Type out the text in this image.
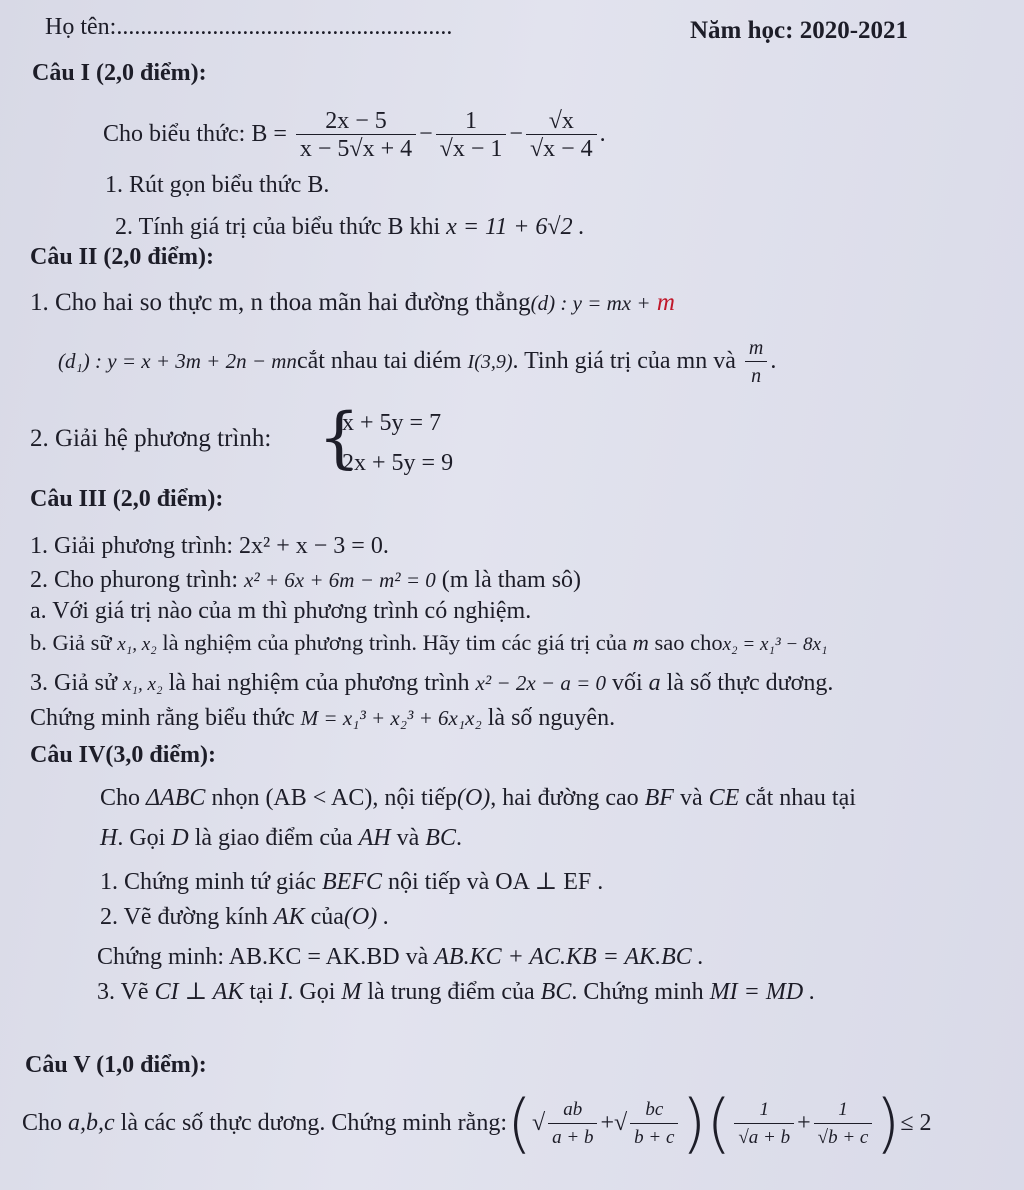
Họ tên:........................................................	Năm học: 2020-2021
Câu I (2,0 điểm):
Cho biểu thức: $B = \frac{2x - 5}{x - 5√x + 4} - \frac{1}{√x - 1} - \frac{√x}{√x - 4}$ .
1. Rút gọn biểu thức B.
2. Tính giá trị của biểu thức B khi x = 11 + 6√2 .
Câu II (2,0 điểm):
1. Cho hai so thực m, n thoa mãn hai đường thẳng(d) : y = mx + m
(d₁) : y = x + 3m + 2n − mncắt nhau tai diém I(3,9). Tinh giá trị của mn và $\frac{m}{n}$ .
2. Giải hệ phương trình: {
x + 5y = 7
2x + 5y = 9
Câu III (2,0 điểm):
1. Giải phương trình: 2x² + x − 3 = 0.
2. Cho phurong trình: x² + 6x + 6m − m² = 0 (m là tham sô)
a. Với giá trị nào của m thì phương trình có nghiệm.
b. Giả sữ x₁, x₂ là nghiệm của phương trình. Hãy tim các giá trị của m sao chox₂ = x₁³ − 8x₁
3. Giả sử x₁, x₂ là hai nghiệm của phương trình x² − 2x − a = 0 vối a là số thực dương.
Chứng minh rằng biểu thức M = x₁³ + x₂³ + 6x₁x₂ là số nguyên.
Câu IV(3,0 điểm):
Cho ΔABC nhọn (AB < AC), nội tiếp(O), hai đường cao BF và CE cắt nhau tại
H. Gọi D là giao điểm của AH và BC.
1. Chứng minh tứ giác BEFC nội tiếp và OA ⊥ EF .
2. Vẽ đường kính AK của(O) .
Chứng minh: AB.KC = AK.BD và AB.KC + AC.KB = AK.BC .
3. Vẽ CI ⊥ AK tại I. Gọi M là trung điểm của BC. Chứng minh MI = MD .
Câu V (1,0 điểm):
Cho a,b,c là các số thực dương. Chứng minh rằng:(√ $\frac{ab}{a + b}$ +√ $\frac{bc}{b + c}$ )( $\frac{1}{√a + b} + \frac{1}{√b + c}$ )≤ 2
